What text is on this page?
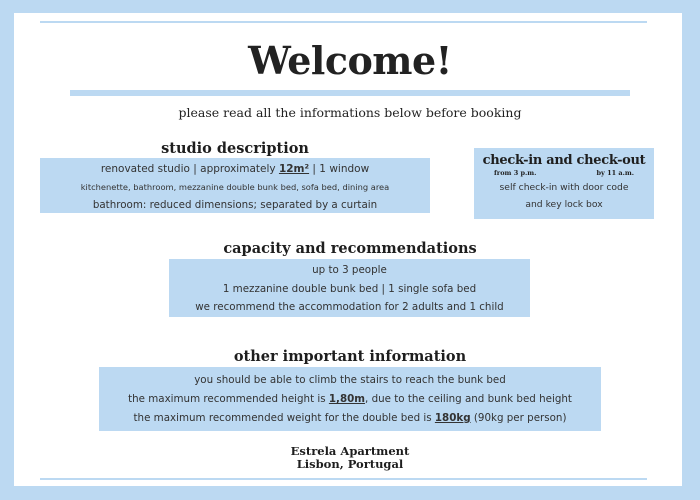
Welcome!
please read all the informations below before booking
studio description
renovated studio | approximately 12m² | 1 window
kitchenette, bathroom, mezzanine double bunk bed, sofa bed, dining area
bathroom: reduced dimensions; separated by a curtain
check-in and check-out
from 3 p.m.	by 11 a.m.
self check-in with door code
and key lock box
capacity and recommendations
up to 3 people
1 mezzanine double bunk bed | 1 single sofa bed
we recommend the accommodation for 2 adults and 1 child
other important information
you should be able to climb the stairs to reach the bunk bed
the maximum recommended height is 1,80m, due to the ceiling and bunk bed height
the maximum recommended weight for the double bed is 180kg (90kg per person)
Estrela Apartment
Lisbon, Portugal
